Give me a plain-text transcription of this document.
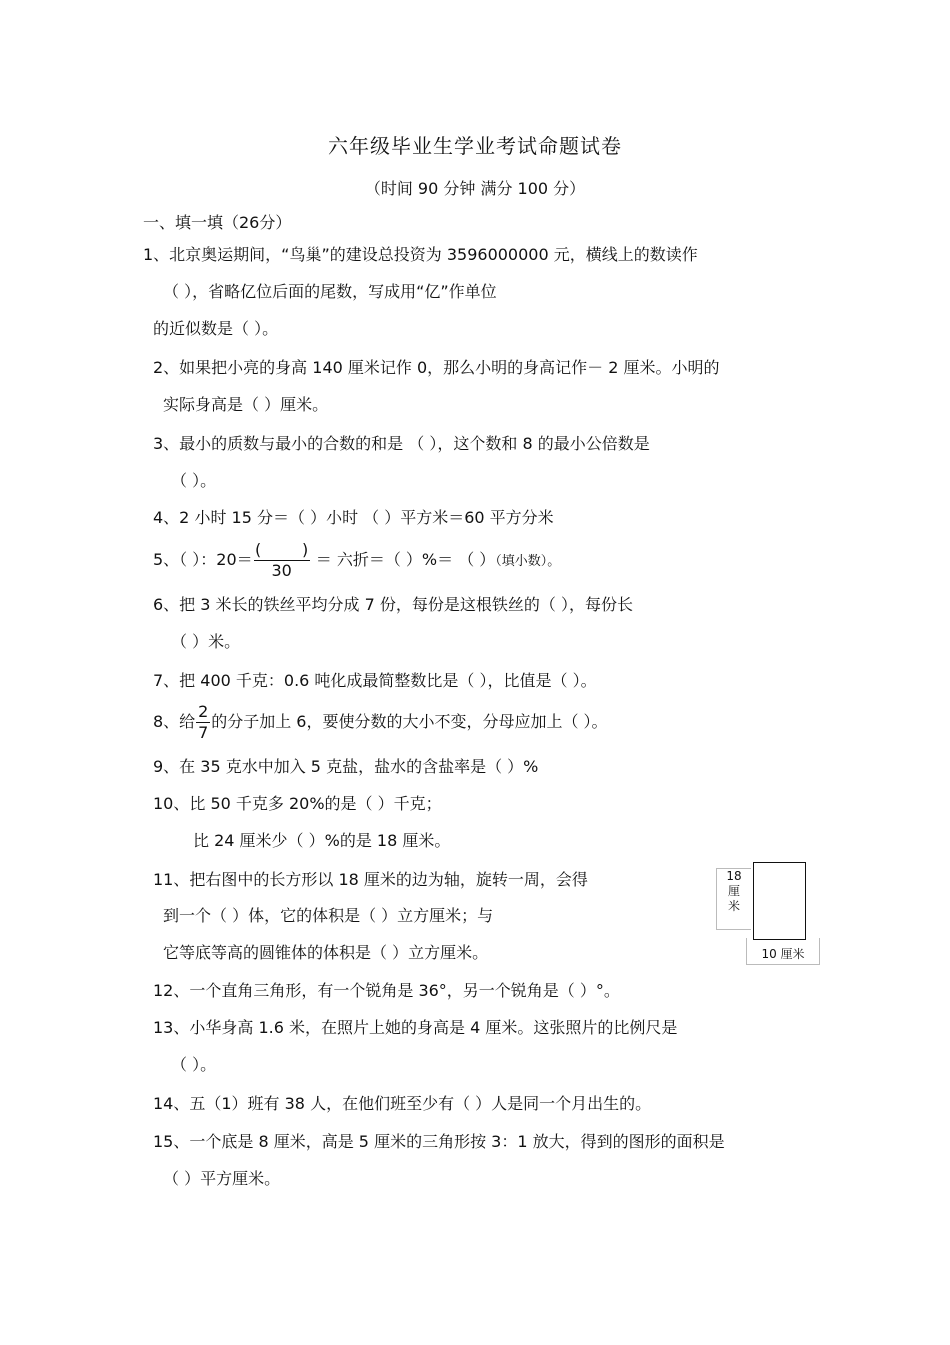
六年级毕业生学业考试命题试卷
（时间 90 分钟 满分 100 分）
一、填一填（26分）
1、北京奥运期间，“鸟巢”的建设总投资为 3596000000 元，横线上的数读作
（ ），省略亿位后面的尾数，写成用“亿”作单位
的近似数是（ ）。
2、如果把小亮的身高 140 厘米记作 0，那么小明的身高记作－ 2 厘米。小明的
实际身高是（ ）厘米。
3、最小的质数与最小的合数的和是 （ ），这个数和 8 的最小公倍数是
（ ）。
4、2 小时 15 分＝（ ）小时 （ ）平方米＝60 平方分米
5、（ ）：$20= \frac{( )}{30}$ ＝ 六折＝（ ）%＝ （ ）（填小数）。
6、把 3 米长的铁丝平均分成 7 份，每份是这根铁丝的（ ），每份长
（ ）米。
7、把 400 千克：0.6 吨化成最简整数比是（ ），比值是（ ）。
8、给 $\frac{2}{7}$ 的分子加上 6，要使分数的大小不变，分母应加上（ ）。
9、在 35 克水中加入 5 克盐，盐水的含盐率是（ ）%
10、比 50 千克多 20%的是（ ）千克；
比 24 厘米少（ ）%的是 18 厘米。
11、把右图中的长方形以 18 厘米的边为轴，旋转一周，会得
到一个（ ）体，它的体积是（ ）立方厘米；与
它等底等高的圆锥体的体积是（ ）立方厘米。
18
厘
米
10 厘米
12、一个直角三角形，有一个锐角是 36°，另一个锐角是（ ）°。
13、小华身高 1.6 米，在照片上她的身高是 4 厘米。这张照片的比例尺是
（ ）。
14、五（1）班有 38 人，在他们班至少有（ ）人是同一个月出生的。
15、一个底是 8 厘米，高是 5 厘米的三角形按 3：1 放大，得到的图形的面积是
（ ）平方厘米。
